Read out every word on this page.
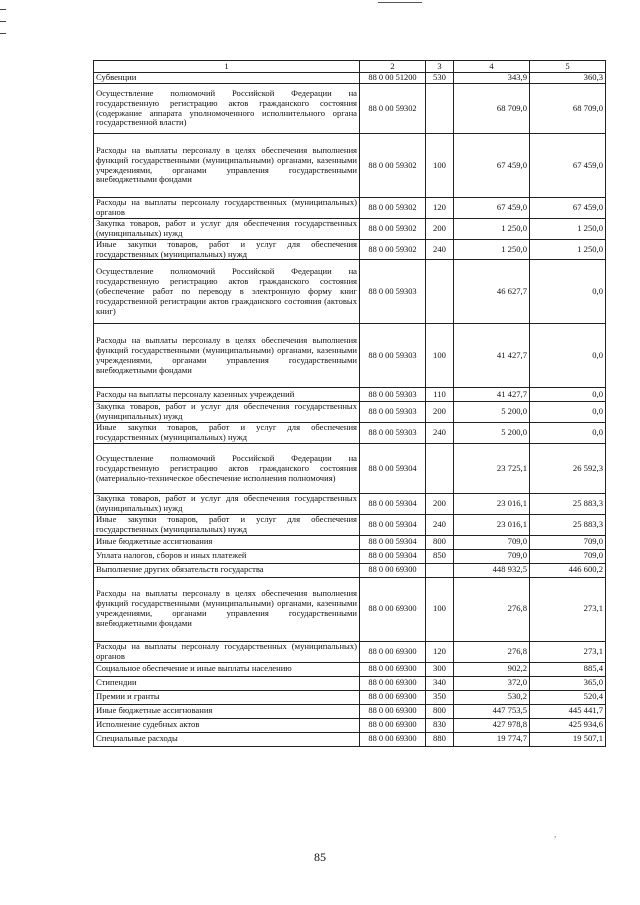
1	2	3	4	5
Субвенции	88 0 00 51200	530	343,9	360,3
Осуществление полномочий Российской Федерации на государственную регистрацию актов гражданского состояния (содержание аппарата уполномоченного исполнительного органа государственной власти)	88 0 00 59302		68 709,0	68 709,0
Расходы на выплаты персоналу в целях обеспечения выполнения функций государственными (муниципальными) органами, казенными учреждениями, органами управления государственными внебюджетными фондами	88 0 00 59302	100	67 459,0	67 459,0
Расходы на выплаты персоналу государственных (муниципальных) органов	88 0 00 59302	120	67 459,0	67 459,0
Закупка товаров, работ и услуг для обеспечения государственных (муниципальных) нужд	88 0 00 59302	200	1 250,0	1 250,0
Иные закупки товаров, работ и услуг для обеспечения государственных (муниципальных) нужд	88 0 00 59302	240	1 250,0	1 250,0
Осуществление полномочий Российской Федерации на государственную регистрацию актов гражданского состояния (обеспечение работ по переводу в электронную форму книг государственной регистрации актов гражданского состояния (актовых книг)	88 0 00 59303		46 627,7	0,0
Расходы на выплаты персоналу в целях обеспечения выполнения функций государственными (муниципальными) органами, казенными учреждениями, органами управления государственными внебюджетными фондами	88 0 00 59303	100	41 427,7	0,0
Расходы на выплаты персоналу казенных учреждений	88 0 00 59303	110	41 427,7	0,0
Закупка товаров, работ и услуг для обеспечения государственных (муниципальных) нужд	88 0 00 59303	200	5 200,0	0,0
Иные закупки товаров, работ и услуг для обеспечения государственных (муниципальных) нужд	88 0 00 59303	240	5 200,0	0,0
Осуществление полномочий Российской Федерации на государственную регистрацию актов гражданского состояния (материально-техническое обеспечение исполнения полномочия)	88 0 00 59304		23 725,1	26 592,3
Закупка товаров, работ и услуг для обеспечения государственных (муниципальных) нужд	88 0 00 59304	200	23 016,1	25 883,3
Иные закупки товаров, работ и услуг для обеспечения государственных (муниципальных) нужд	88 0 00 59304	240	23 016,1	25 883,3
Иные бюджетные ассигнования	88 0 00 59304	800	709,0	709,0
Уплата налогов, сборов и иных платежей	88 0 00 59304	850	709,0	709,0
Выполнение других обязательств государства	88 0 00 69300		448 932,5	446 600,2
Расходы на выплаты персоналу в целях обеспечения выполнения функций государственными (муниципальными) органами, казенными учреждениями, органами управления государственными внебюджетными фондами	88 0 00 69300	100	276,8	273,1
Расходы на выплаты персоналу государственных (муниципальных) органов	88 0 00 69300	120	276,8	273,1
Социальное обеспечение и иные выплаты населению	88 0 00 69300	300	902,2	885,4
Стипендии	88 0 00 69300	340	372,0	365,0
Премии и гранты	88 0 00 69300	350	530,2	520,4
Иные бюджетные ассигнования	88 0 00 69300	800	447 753,5	445 441,7
Исполнение судебных актов	88 0 00 69300	830	427 978,8	425 934,6
Специальные расходы	88 0 00 69300	880	19 774,7	19 507,1
,
85
